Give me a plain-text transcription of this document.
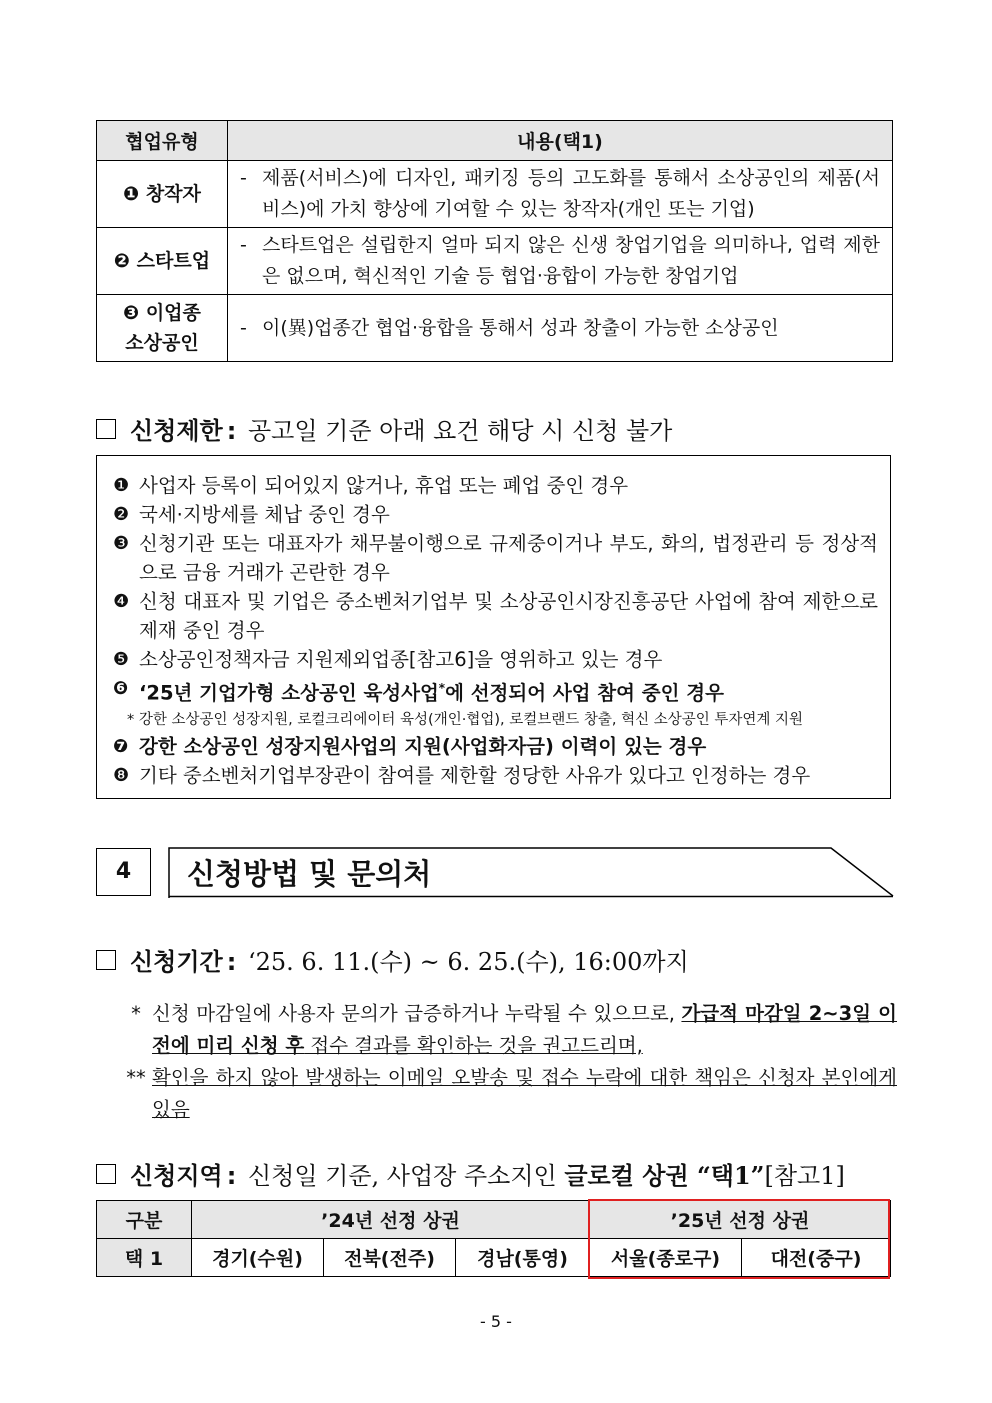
협업유형	내용(택1)
❶ 창작자	- 제품(서비스)에 디자인, 패키징 등의 고도화를 통해서 소상공인의 제품(서비스)에 가치 향상에 기여할 수 있는 창작자(개인 또는 기업)

❷ 스타트업	- 스타트업은 설립한지 얼마 되지 않은 신생 창업기업을 의미하나, 업력 제한은 없으며, 혁신적인 기술 등 협업·융합이 가능한 창업기업

❸ 이업종
소상공인	- 이(異)업종간 협업·융합을 통해서 성과 창출이 가능한 소상공인
신청제한 : 공고일 기준 아래 요건 해당 시 신청 불가
❶ 사업자 등록이 되어있지 않거나, 휴업 또는 폐업 중인 경우
❷ 국세·지방세를 체납 중인 경우
❸ 신청기관 또는 대표자가 채무불이행으로 규제중이거나 부도, 화의, 법정관리 등 정상적으로 금융 거래가 곤란한 경우
❹ 신청 대표자 및 기업은 중소벤처기업부 및 소상공인시장진흥공단 사업에 참여 제한으로 제재 중인 경우
❺ 소상공인정책자금 지원제외업종[참고6]을 영위하고 있는 경우
❻ ‘25년 기업가형 소상공인 육성사업*에 선정되어 사업 참여 중인 경우
* 강한 소상공인 성장지원, 로컬크리에이터 육성(개인·협업), 로컬브랜드 창출, 혁신 소상공인 투자연계 지원
❼ 강한 소상공인 성장지원사업의 지원(사업화자금) 이력이 있는 경우
❽ 기타 중소벤처기업부장관이 참여를 제한할 정당한 사유가 있다고 인정하는 경우
4	신청방법 및 문의처
신청기간 : ‘25. 6. 11.(수) ~ 6. 25.(수), 16:00까지
* 신청 마감일에 사용자 문의가 급증하거나 누락될 수 있으므로, 가급적 마감일 2~3일 이전에 미리 신청 후 접수 결과를 확인하는 것을 권고드리며,
** 확인을 하지 않아 발생하는 이메일 오발송 및 접수 누락에 대한 책임은 신청자 본인에게 있음
신청지역 : 신청일 기준, 사업장 주소지인 글로컬 상권 “택1”[참고1]
구분	’24년 선정 상권			’25년 선정 상권	
택 1	경기(수원)	전북(전주)	경남(통영)	서울(종로구)	대전(중구)
- 5 -
